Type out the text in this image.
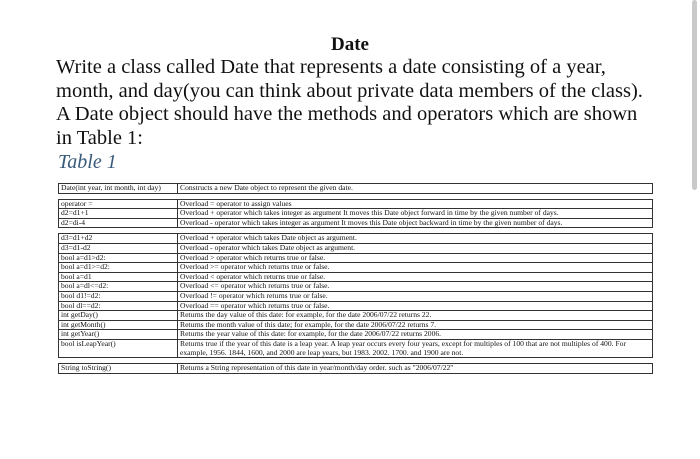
Date

Write a class called Date that represents a date consisting of a year, month, and day(you can think about private data members of the class). A Date object should have the methods and operators which are shown in Table 1:

Table 1
Date(int year, int month, int day)	Constructs a new Date object to represent the given date.

operator =	Overload = operator to assign values
d2=d1+1	Overload + operator which takes integer as argument It moves this Date object forward in time by the given number of days.
d2=di-4	Overload - operator which takes integer as argument It moves this Date object backward in time by the given number of days.

d3=d1+d2	Overload + operator which takes Date object as argument.
d3=d1-d2	Overload - operator which takes Date object as argument.
bool a=d1>d2:	Overload > operator which returns true or false.
bool a=d1>=d2:	Overload >= operator which returns true or false.
bool a=d1	Overload < operator which returns true or false.
bool a=dl<=d2:	Overload <= operator which returns true or false.
bool d1!=d2:	Overload != operator which returns true or false.
bool dl==d2:	Overload == operator which returns true or false.
int getDay()	Returns the day value of this date: for example, for the date 2006/07/22 returns 22.
int getMonth()	Returns the month value of this date; for example, for the date 2006/07/22 returns 7.
int getYear()	Returns the year value of this date: for example, for the date 2006/07/22 returns 2006.
bool isLeapYear()	Returns true if the year of this date is a leap year. A leap year occurs every four years, except for multiples of 100 that are not multiples of 400. For example, 1956. 1844, 1600, and 2000 are leap years, but 1983. 2002. 1700. and 1900 are not.

String toString()	Returns a String representation of this date in year/month/day order. such as "2006/07/22"
